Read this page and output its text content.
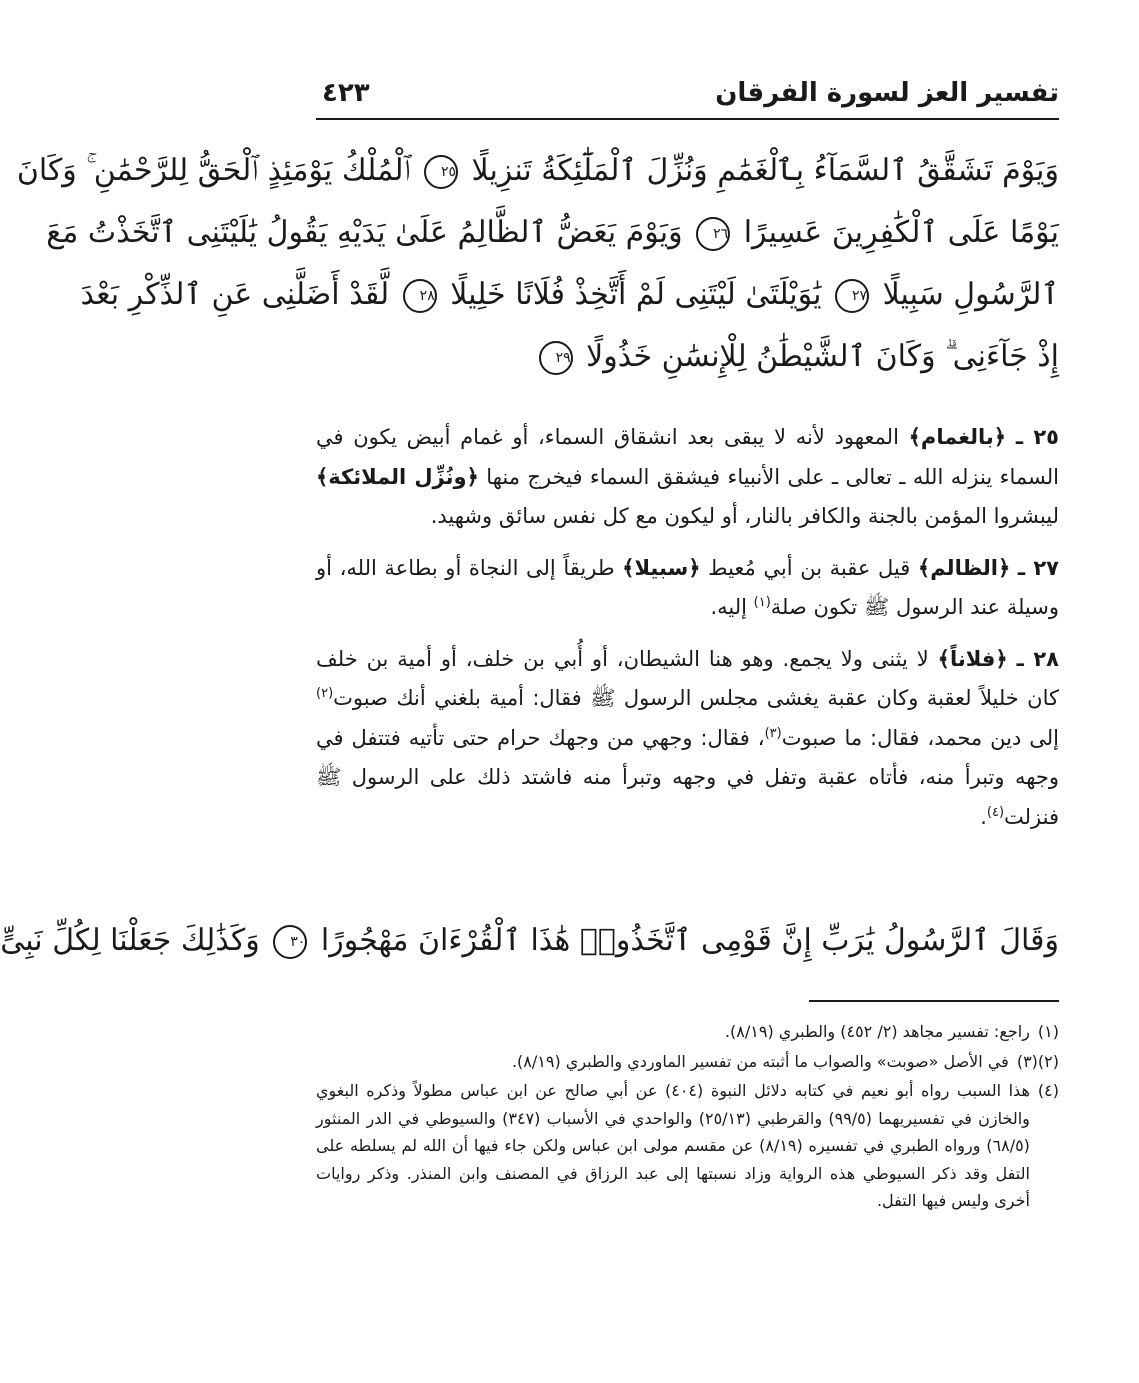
تفسير العز لسورة الفرقان
٤٢٣
وَيَوْمَ تَشَقَّقُ ٱلسَّمَآءُ بِٱلْغَمَٰمِ وَنُزِّلَ ٱلْمَلَٰٓئِكَةُ تَنزِيلًا ٢٥ ٱلْمُلْكُ يَوْمَئِذٍ ٱلْحَقُّ لِلرَّحْمَٰنِ ۚ وَكَانَ
يَوْمًا عَلَى ٱلْكَٰفِرِينَ عَسِيرًا ٢٦ وَيَوْمَ يَعَضُّ ٱلظَّالِمُ عَلَىٰ يَدَيْهِ يَقُولُ يَٰلَيْتَنِى ٱتَّخَذْتُ مَعَ
ٱلرَّسُولِ سَبِيلًا ٢٧ يَٰوَيْلَتَىٰ لَيْتَنِى لَمْ أَتَّخِذْ فُلَانًا خَلِيلًا ٢٨ لَّقَدْ أَضَلَّنِى عَنِ ٱلذِّكْرِ بَعْدَ
إِذْ جَآءَنِى ۗ وَكَانَ ٱلشَّيْطَٰنُ لِلْإِنسَٰنِ خَذُولًا ٢٩

٢٥ ـ ﴿بالغمام﴾ المعهود لأنه لا يبقى بعد انشقاق السماء، أو غمام أبيض يكون في السماء ينزله الله ـ تعالى ـ على الأنبياء فيشقق السماء فيخرج منها ﴿ونُزِّل الملائكة﴾ ليبشروا المؤمن بالجنة والكافر بالنار، أو ليكون مع كل نفس سائق وشهيد.

٢٧ ـ ﴿الظالم﴾ قيل عقبة بن أبي مُعيط ﴿سبيلا﴾ طريقاً إلى النجاة أو بطاعة الله، أو وسيلة عند الرسول ﷺ تكون صلة$^{(١)}$ إليه.

٢٨ ـ ﴿فلاناً﴾ لا يثنى ولا يجمع. وهو هنا الشيطان، أو أُبي بن خلف، أو أمية بن خلف كان خليلاً لعقبة وكان عقبة يغشى مجلس الرسول ﷺ فقال: أمية بلغني أنك صبوت$^{(٢)}$ إلى دين محمد، فقال: ما صبوت$^{(٣)}$، فقال: وجهي من وجهك حرام حتى تأتيه فتتفل في وجهه وتبرأ منه، فأتاه عقبة وتفل في وجهه وتبرأ منه فاشتد ذلك على الرسول ﷺ فنزلت$^{(٤)}$.

وَقَالَ ٱلرَّسُولُ يَٰرَبِّ إِنَّ قَوْمِى ٱتَّخَذُوا۟ هَٰذَا ٱلْقُرْءَانَ مَهْجُورًا ٣٠ وَكَذَٰلِكَ جَعَلْنَا لِكُلِّ نَبِىٍّ
(١)
راجع: تفسير مجاهد (٢/ ٤٥٢) والطبري (٨/١٩).
(٢)(٣)
في الأصل «صوبت» والصواب ما أثبته من تفسير الماوردي والطبري (٨/١٩).
(٤)
هذا السبب رواه أبو نعيم في كتابه دلائل النبوة (٤٠٤) عن أبي صالح عن ابن عباس مطولاً وذكره البغوي والخازن في تفسيريهما (٩٩/٥) والقرطبي (٢٥/١٣) والواحدي في الأسباب (٣٤٧) والسيوطي في الدر المنثور (٦٨/٥) ورواه الطبري في تفسيره (٨/١٩) عن مقسم مولى ابن عباس ولكن جاء فيها أن الله لم يسلطه على التفل وقد ذكر السيوطي هذه الرواية وزاد نسبتها إلى عبد الرزاق في المصنف وابن المنذر. وذكر روايات أخرى وليس فيها التفل.
